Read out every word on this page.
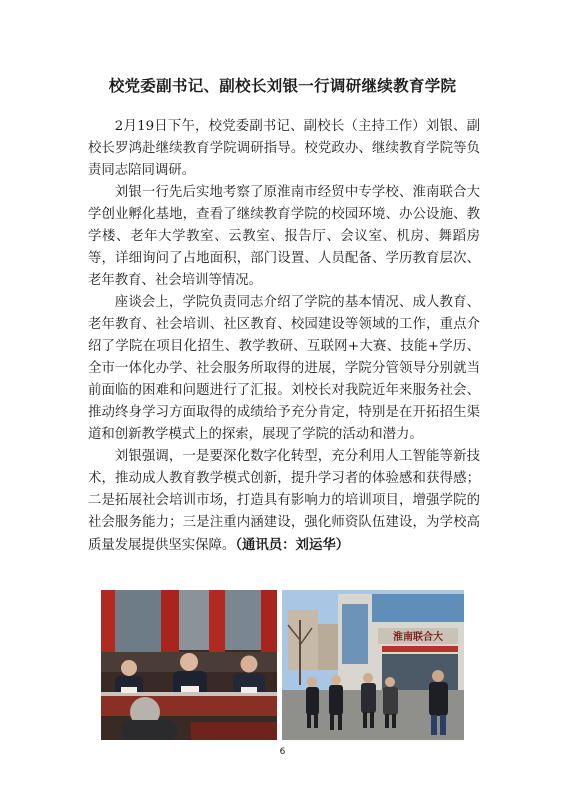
校党委副书记、副校长刘银一行调研继续教育学院

2月19日下午，校党委副书记、副校长（主持工作）刘银、副校长罗鸿赴继续教育学院调研指导。校党政办、继续教育学院等负责同志陪同调研。

刘银一行先后实地考察了原淮南市经贸中专学校、淮南联合大学创业孵化基地，查看了继续教育学院的校园环境、办公设施、教学楼、老年大学教室、云教室、报告厅、会议室、机房、舞蹈房等，详细询问了占地面积，部门设置、人员配备、学历教育层次、老年教育、社会培训等情况。

座谈会上，学院负责同志介绍了学院的基本情况、成人教育、老年教育、社会培训、社区教育、校园建设等领域的工作，重点介绍了学院在项目化招生、教学教研、互联网+大赛、技能+学历、全市一体化办学、社会服务所取得的进展，学院分管领导分别就当前面临的困难和问题进行了汇报。刘校长对我院近年来服务社会、推动终身学习方面取得的成绩给予充分肯定，特别是在开拓招生渠道和创新教学模式上的探索，展现了学院的活动和潜力。

刘银强调，一是要深化数字化转型，充分利用人工智能等新技术，推动成人教育教学模式创新，提升学习者的体验感和获得感；二是拓展社会培训市场，打造具有影响力的培训项目，增强学院的社会服务能力；三是注重内涵建设，强化师资队伍建设，为学校高质量发展提供坚实保障。（通讯员：刘运华）

淮南联合大
6
